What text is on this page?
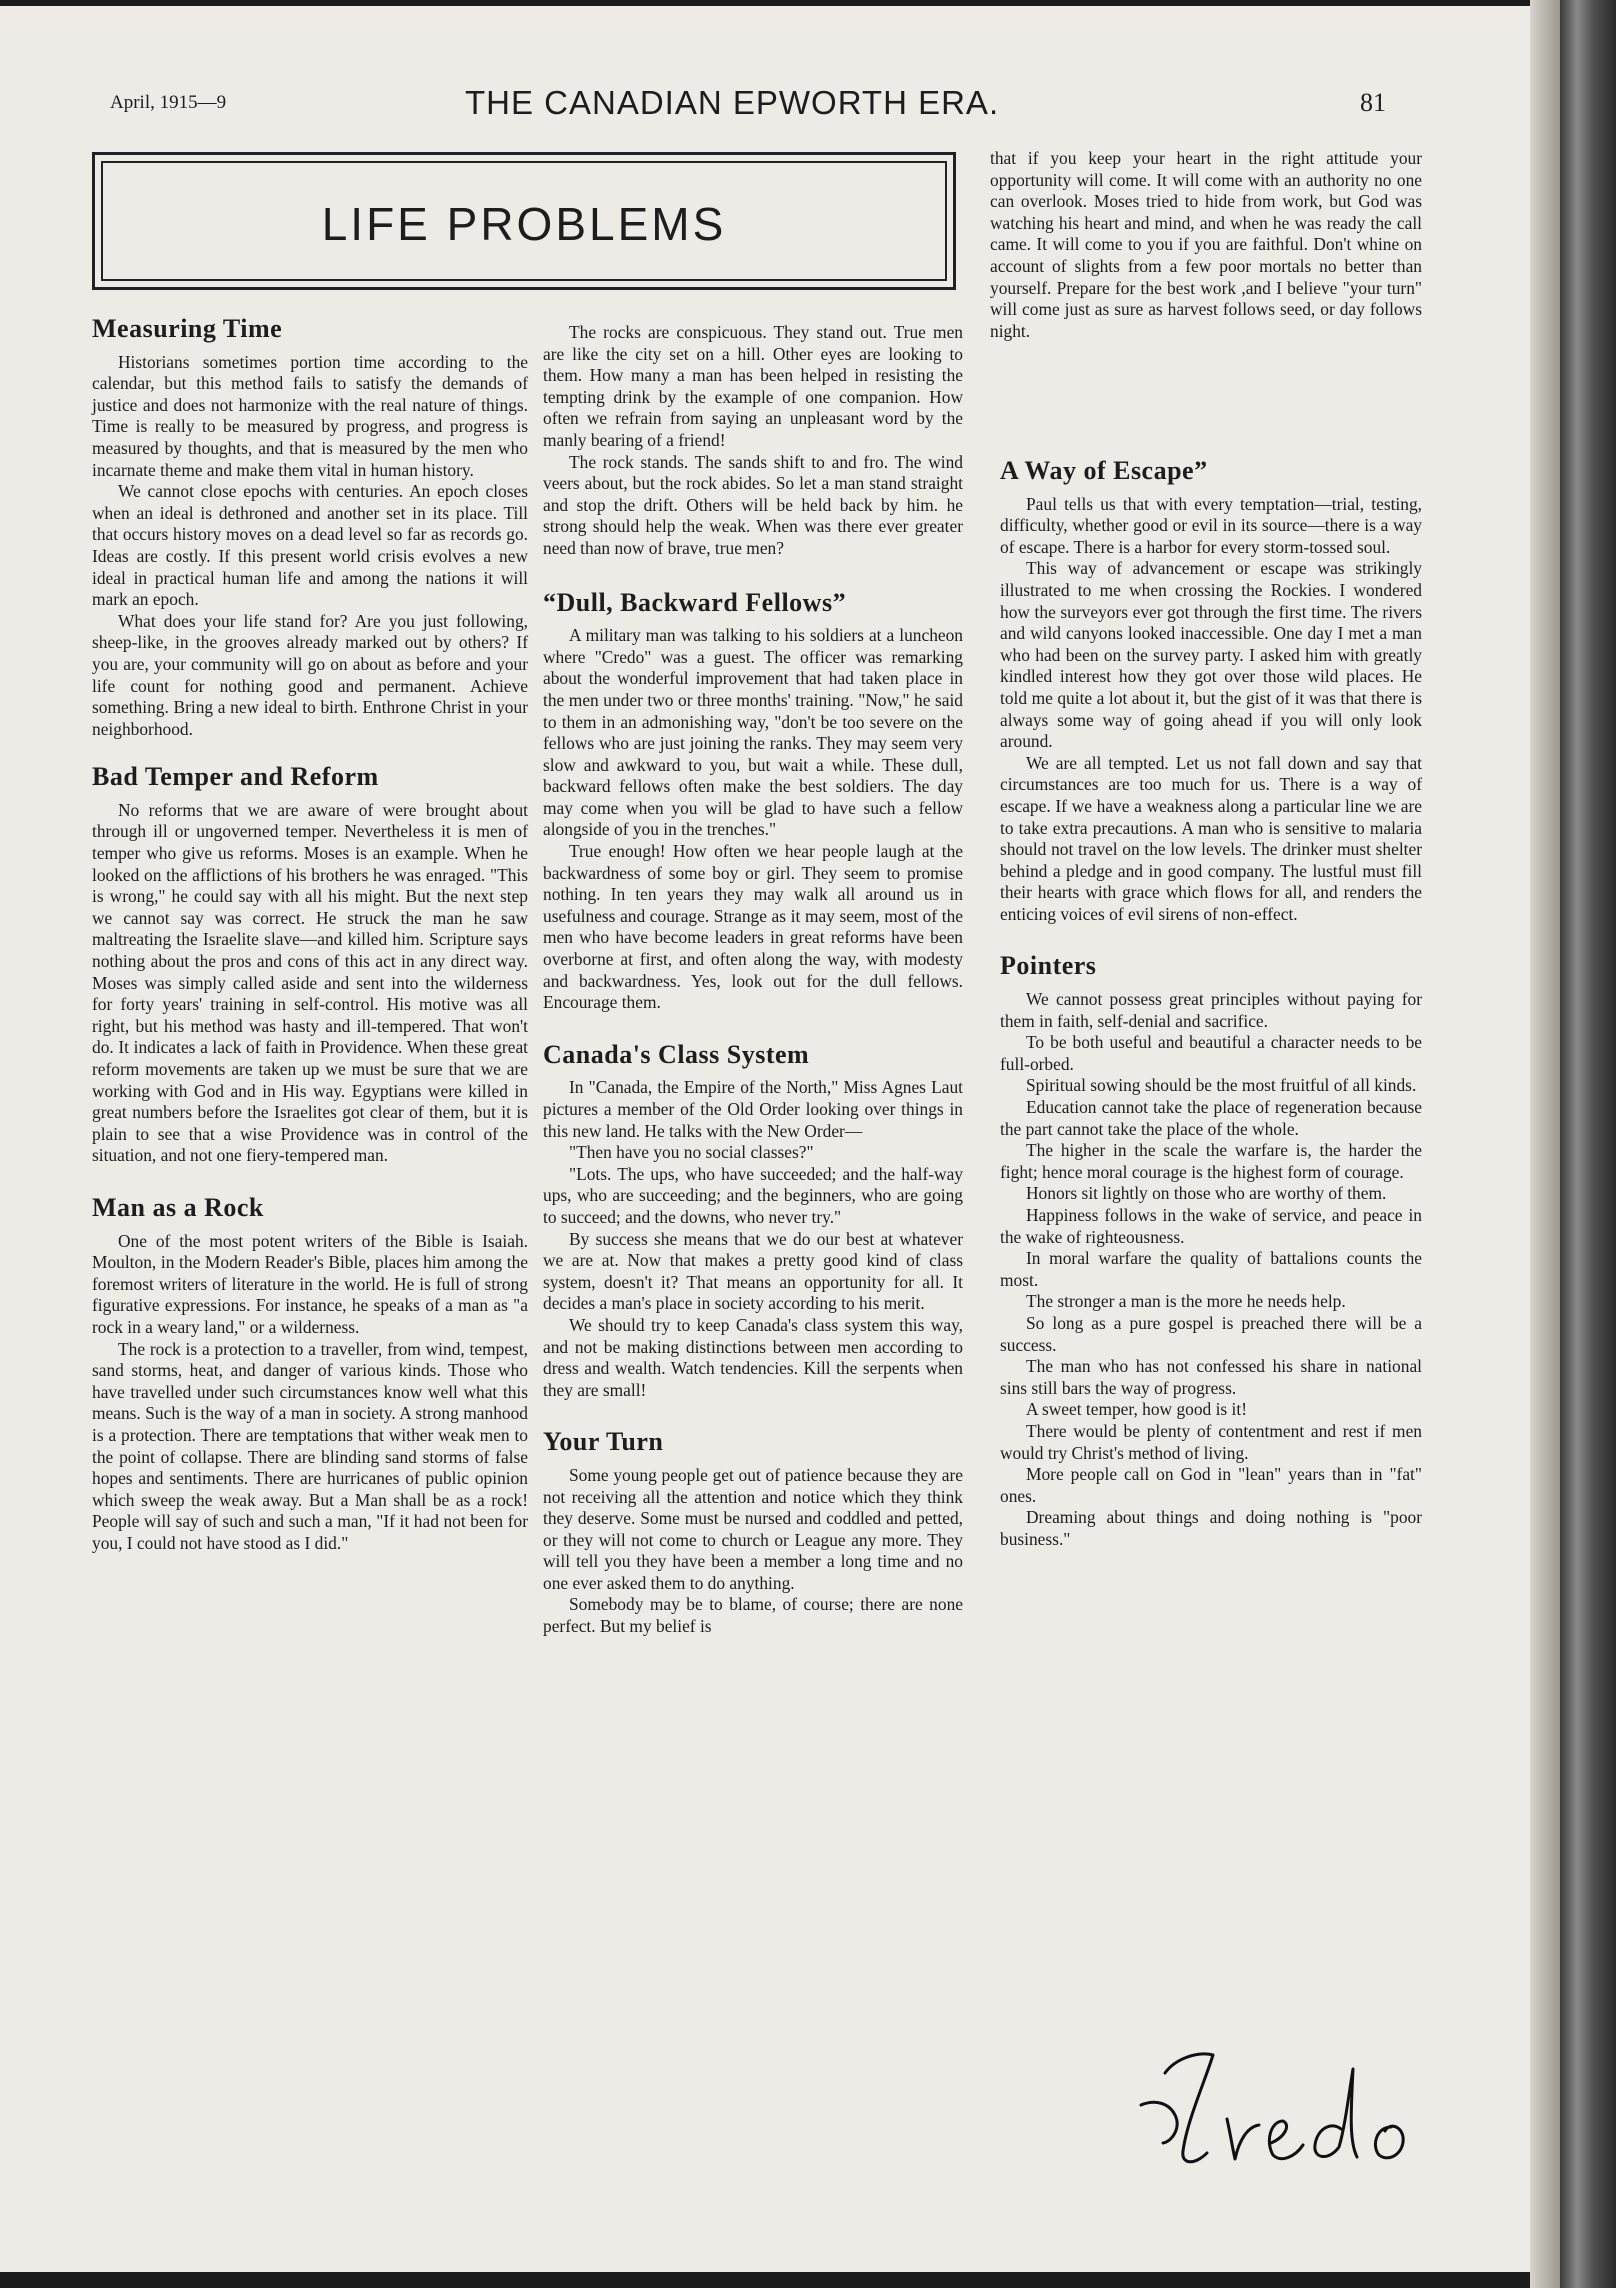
April, 1915—9	THE CANADIAN EPWORTH ERA.	81
LIFE PROBLEMS
Measuring Time

Historians sometimes portion time according to the calendar, but this method fails to satisfy the demands of justice and does not harmonize with the real nature of things. Time is really to be measured by progress, and progress is measured by thoughts, and that is measured by the men who incarnate theme and make them vital in human history.

We cannot close epochs with centuries. An epoch closes when an ideal is dethroned and another set in its place. Till that occurs history moves on a dead level so far as records go. Ideas are costly. If this present world crisis evolves a new ideal in practical human life and among the nations it will mark an epoch.

What does your life stand for? Are you just following, sheep-like, in the grooves already marked out by others? If you are, your community will go on about as before and your life count for nothing good and permanent. Achieve something. Bring a new ideal to birth. Enthrone Christ in your neighborhood.

Bad Temper and Reform

No reforms that we are aware of were brought about through ill or ungoverned temper. Nevertheless it is men of temper who give us reforms. Moses is an example. When he looked on the afflictions of his brothers he was enraged. "This is wrong," he could say with all his might. But the next step we cannot say was correct. He struck the man he saw maltreating the Israelite slave—and killed him. Scripture says nothing about the pros and cons of this act in any direct way. Moses was simply called aside and sent into the wilderness for forty years' training in self-control. His motive was all right, but his method was hasty and ill-tempered. That won't do. It indicates a lack of faith in Providence. When these great reform movements are taken up we must be sure that we are working with God and in His way. Egyptians were killed in great numbers before the Israelites got clear of them, but it is plain to see that a wise Providence was in control of the situation, and not one fiery-tempered man.

Man as a Rock

One of the most potent writers of the Bible is Isaiah. Moulton, in the Modern Reader's Bible, places him among the foremost writers of literature in the world. He is full of strong figurative expressions. For instance, he speaks of a man as "a rock in a weary land," or a wilderness.

The rock is a protection to a traveller, from wind, tempest, sand storms, heat, and danger of various kinds. Those who have travelled under such circumstances know well what this means. Such is the way of a man in society. A strong manhood is a protection. There are temptations that wither weak men to the point of collapse. There are blinding sand storms of false hopes and sentiments. There are hurricanes of public opinion which sweep the weak away. But a Man shall be as a rock! People will say of such and such a man, "If it had not been for you, I could not have stood as I did."

The rocks are conspicuous. They stand out. True men are like the city set on a hill. Other eyes are looking to them. How many a man has been helped in resisting the tempting drink by the example of one companion. How often we refrain from saying an unpleasant word by the manly bearing of a friend!

The rock stands. The sands shift to and fro. The wind veers about, but the rock abides. So let a man stand straight and stop the drift. Others will be held back by him. he strong should help the weak. When was there ever greater need than now of brave, true men?

“Dull, Backward Fellows”

A military man was talking to his soldiers at a luncheon where "Credo" was a guest. The officer was remarking about the wonderful improvement that had taken place in the men under two or three months' training. "Now," he said to them in an admonishing way, "don't be too severe on the fellows who are just joining the ranks. They may seem very slow and awkward to you, but wait a while. These dull, backward fellows often make the best soldiers. The day may come when you will be glad to have such a fellow alongside of you in the trenches."

True enough! How often we hear people laugh at the backwardness of some boy or girl. They seem to promise nothing. In ten years they may walk all around us in usefulness and courage. Strange as it may seem, most of the men who have become leaders in great reforms have been overborne at first, and often along the way, with modesty and backwardness. Yes, look out for the dull fellows. Encourage them.

Canada's Class System

In "Canada, the Empire of the North," Miss Agnes Laut pictures a member of the Old Order looking over things in this new land. He talks with the New Order—

"Then have you no social classes?"

"Lots. The ups, who have succeeded; and the half-way ups, who are succeeding; and the beginners, who are going to succeed; and the downs, who never try."

By success she means that we do our best at whatever we are at. Now that makes a pretty good kind of class system, doesn't it? That means an opportunity for all. It decides a man's place in society according to his merit.

We should try to keep Canada's class system this way, and not be making distinctions between men according to dress and wealth. Watch tendencies. Kill the serpents when they are small!

Your Turn

Some young people get out of patience because they are not receiving all the attention and notice which they think they deserve. Some must be nursed and coddled and petted, or they will not come to church or League any more. They will tell you they have been a member a long time and no one ever asked them to do anything.

Somebody may be to blame, of course; there are none perfect. But my belief is

that if you keep your heart in the right attitude your opportunity will come. It will come with an authority no one can overlook. Moses tried to hide from work, but God was watching his heart and mind, and when he was ready the call came. It will come to you if you are faithful. Don't whine on account of slights from a few poor mortals no better than yourself. Prepare for the best work ,and I believe "your turn" will come just as sure as harvest follows seed, or day follows night.

A Way of Escape”

Paul tells us that with every temptation—trial, testing, difficulty, whether good or evil in its source—there is a way of escape. There is a harbor for every storm-tossed soul.

This way of advancement or escape was strikingly illustrated to me when crossing the Rockies. I wondered how the surveyors ever got through the first time. The rivers and wild canyons looked inaccessible. One day I met a man who had been on the survey party. I asked him with greatly kindled interest how they got over those wild places. He told me quite a lot about it, but the gist of it was that there is always some way of going ahead if you will only look around.

We are all tempted. Let us not fall down and say that circumstances are too much for us. There is a way of escape. If we have a weakness along a particular line we are to take extra precautions. A man who is sensitive to malaria should not travel on the low levels. The drinker must shelter behind a pledge and in good company. The lustful must fill their hearts with grace which flows for all, and renders the enticing voices of evil sirens of non-effect.

Pointers

We cannot possess great principles without paying for them in faith, self-denial and sacrifice.

To be both useful and beautiful a character needs to be full-orbed.

Spiritual sowing should be the most fruitful of all kinds.

Education cannot take the place of regeneration because the part cannot take the place of the whole.

The higher in the scale the warfare is, the harder the fight; hence moral courage is the highest form of courage.

Honors sit lightly on those who are worthy of them.

Happiness follows in the wake of service, and peace in the wake of righteousness.

In moral warfare the quality of battalions counts the most.

The stronger a man is the more he needs help.

So long as a pure gospel is preached there will be a success.

The man who has not confessed his share in national sins still bars the way of progress.

A sweet temper, how good is it!

There would be plenty of contentment and rest if men would try Christ's method of living.

More people call on God in "lean" years than in "fat" ones.

Dreaming about things and doing nothing is "poor business."
